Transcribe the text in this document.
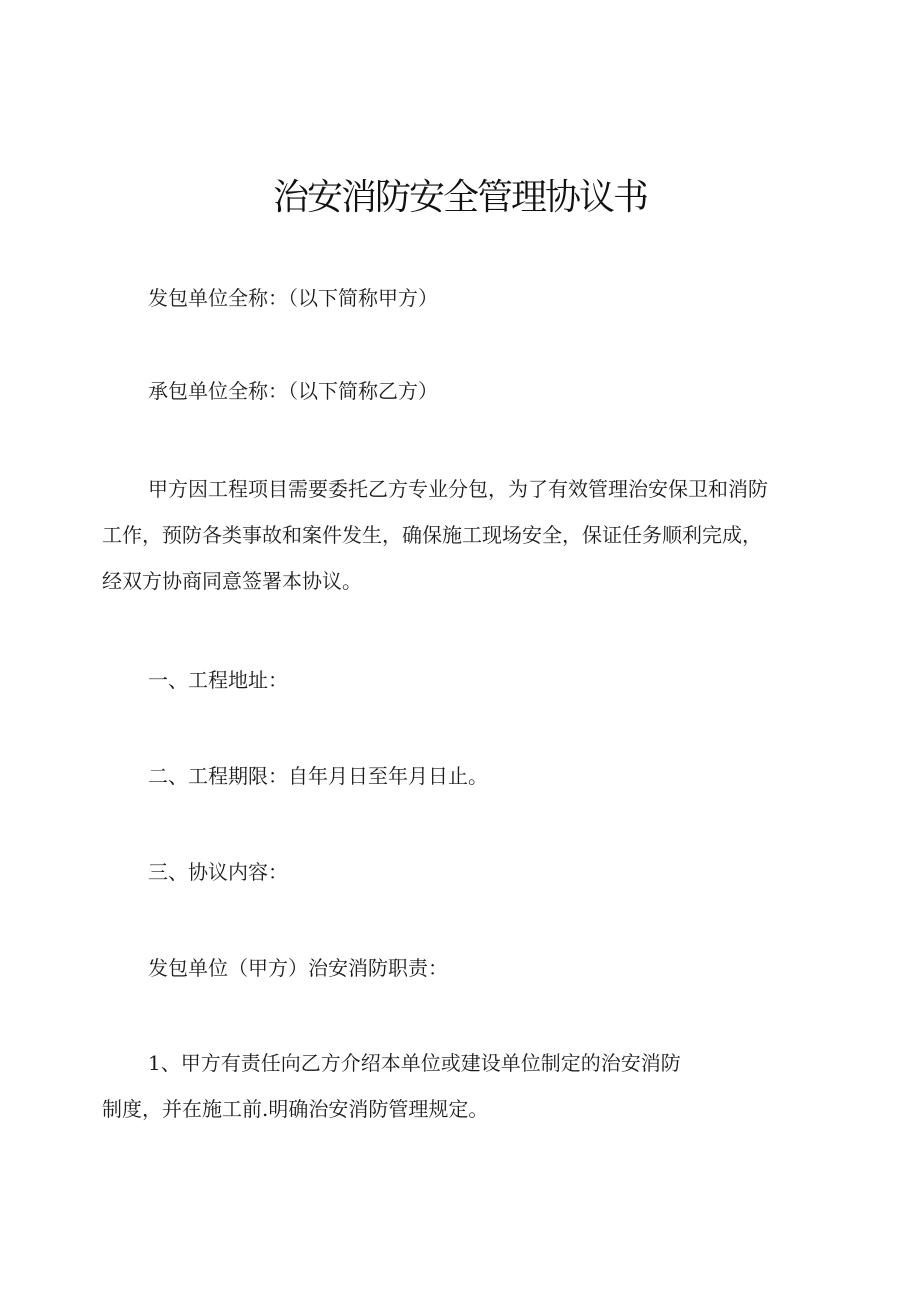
治安消防安全管理协议书
发包单位全称：（以下简称甲方）
承包单位全称：（以下简称乙方）
甲方因工程项目需要委托乙方专业分包，为了有效管理治安保卫和消防
工作，预防各类事故和案件发生，确保施工现场安全，保证任务顺利完成，
经双方协商同意签署本协议。
一、工程地址：
二、工程期限：自年月日至年月日止。
三、协议内容：
发包单位（甲方）治安消防职责：
1、甲方有责任向乙方介绍本单位或建设单位制定的治安消防
制度，并在施工前.明确治安消防管理规定。
